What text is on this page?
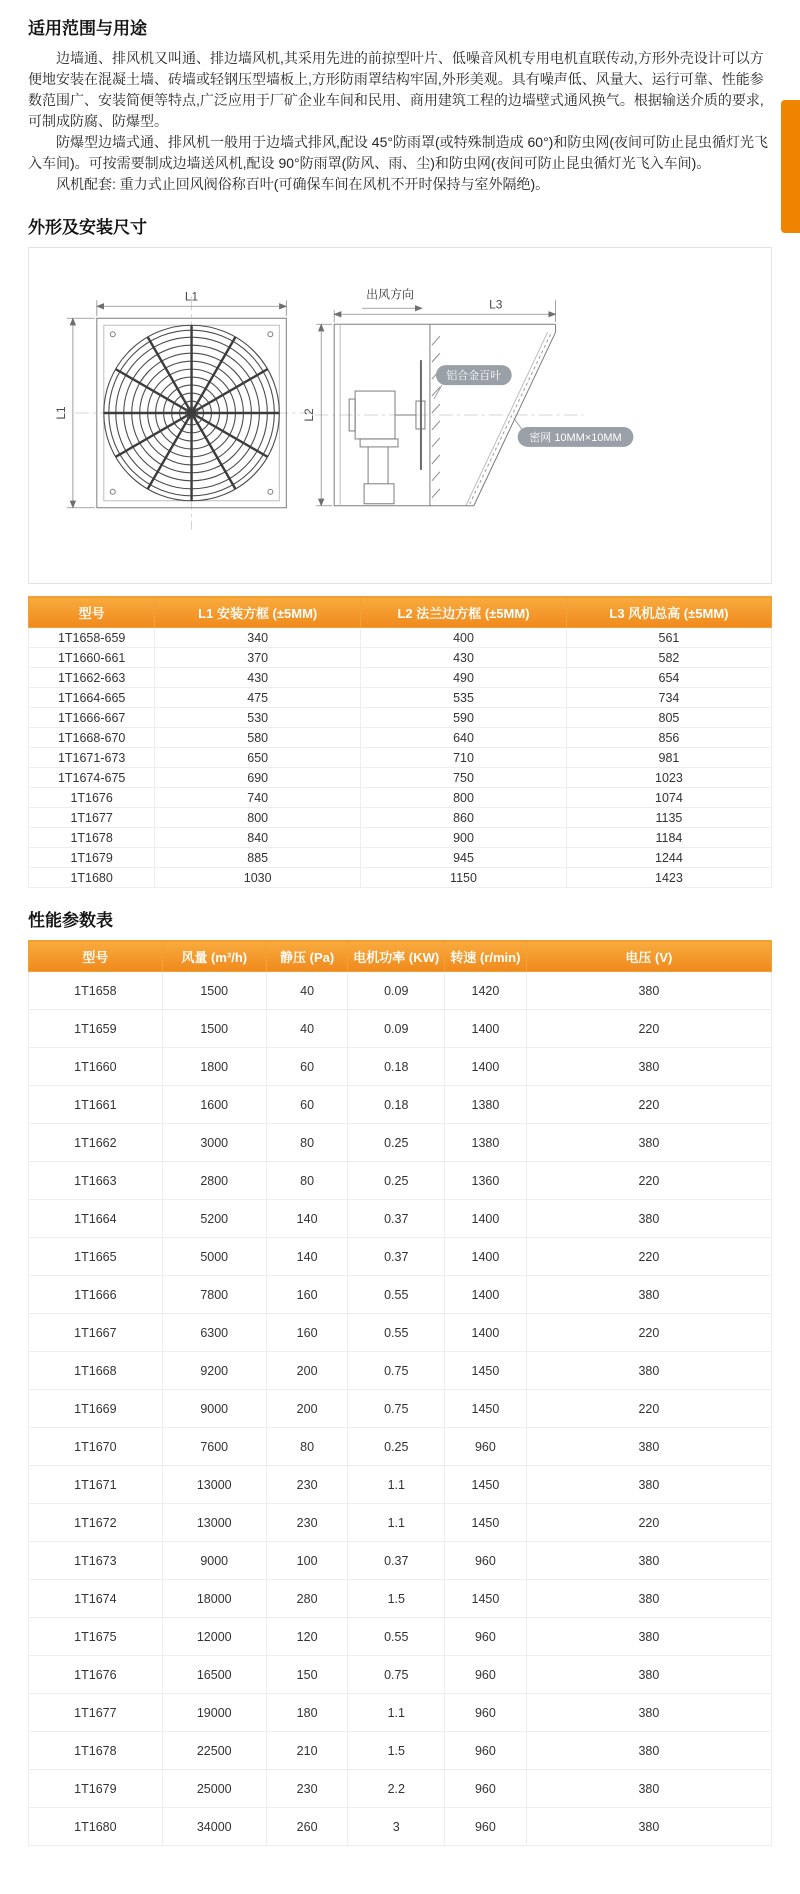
适用范围与用途

边墙通、排风机又叫通、排边墙风机,其采用先进的前掠型叶片、低噪音风机专用电机直联传动,方形外壳设计可以方便地安装在混凝土墙、砖墙或轻钢压型墙板上,方形防雨罩结构牢固,外形美观。具有噪声低、风量大、运行可靠、性能参数范围广、安装简便等特点,广泛应用于厂矿企业车间和民用、商用建筑工程的边墙壁式通风换气。根据输送介质的要求,可制成防腐、防爆型。

防爆型边墙式通、排风机一般用于边墙式排风,配设 45°防雨罩(或特殊制造成 60°)和防虫网(夜间可防止昆虫循灯光飞入车间)。可按需要制成边墙送风机,配设 90°防雨罩(防风、雨、尘)和防虫网(夜间可防止昆虫循灯光飞入车间)。

风机配套: 重力式止回风阀俗称百叶(可确保车间在风机不开时保持与室外隔绝)。

外形及安装尺寸
L1
L1
出风方向
L3
L2
铝合金百叶
密网 10MM×10MM
型号	L1 安装方框 (±5MM)	L2 法兰边方框 (±5MM)	L3 风机总高 (±5MM)
1T1658-659	340	400	561
1T1660-661	370	430	582
1T1662-663	430	490	654
1T1664-665	475	535	734
1T1666-667	530	590	805
1T1668-670	580	640	856
1T1671-673	650	710	981
1T1674-675	690	750	1023
1T1676	740	800	1074
1T1677	800	860	1135
1T1678	840	900	1184
1T1679	885	945	1244
1T1680	1030	1150	1423
性能参数表
型号	风量 (m³/h)	静压 (Pa)	电机功率 (KW)	转速 (r/min)	电压 (V)
1T1658	1500	40	0.09	1420	380
1T1659	1500	40	0.09	1400	220
1T1660	1800	60	0.18	1400	380
1T1661	1600	60	0.18	1380	220
1T1662	3000	80	0.25	1380	380
1T1663	2800	80	0.25	1360	220
1T1664	5200	140	0.37	1400	380
1T1665	5000	140	0.37	1400	220
1T1666	7800	160	0.55	1400	380
1T1667	6300	160	0.55	1400	220
1T1668	9200	200	0.75	1450	380
1T1669	9000	200	0.75	1450	220
1T1670	7600	80	0.25	960	380
1T1671	13000	230	1.1	1450	380
1T1672	13000	230	1.1	1450	220
1T1673	9000	100	0.37	960	380
1T1674	18000	280	1.5	1450	380
1T1675	12000	120	0.55	960	380
1T1676	16500	150	0.75	960	380
1T1677	19000	180	1.1	960	380
1T1678	22500	210	1.5	960	380
1T1679	25000	230	2.2	960	380
1T1680	34000	260	3	960	380
